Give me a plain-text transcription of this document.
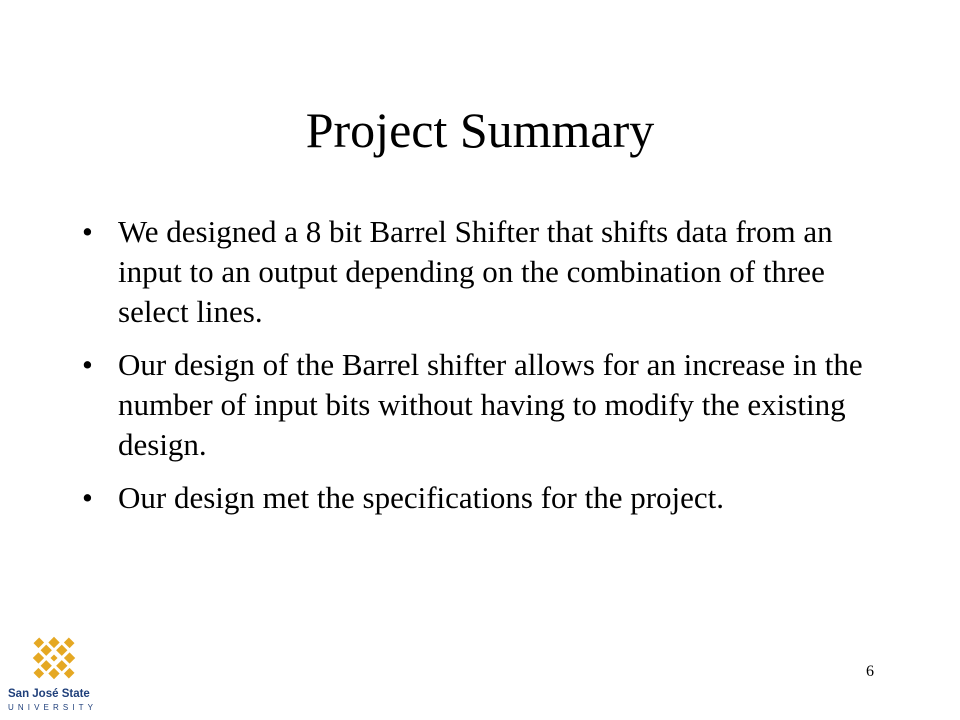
Project Summary
• We designed a 8 bit Barrel Shifter that shifts data from an input to an output depending on the combination of three select lines.
• Our design of the Barrel shifter allows for an increase in the number of input bits without having to modify the existing design.
• Our design met the specifications for the project.
San José State
UNIVERSITY
6
